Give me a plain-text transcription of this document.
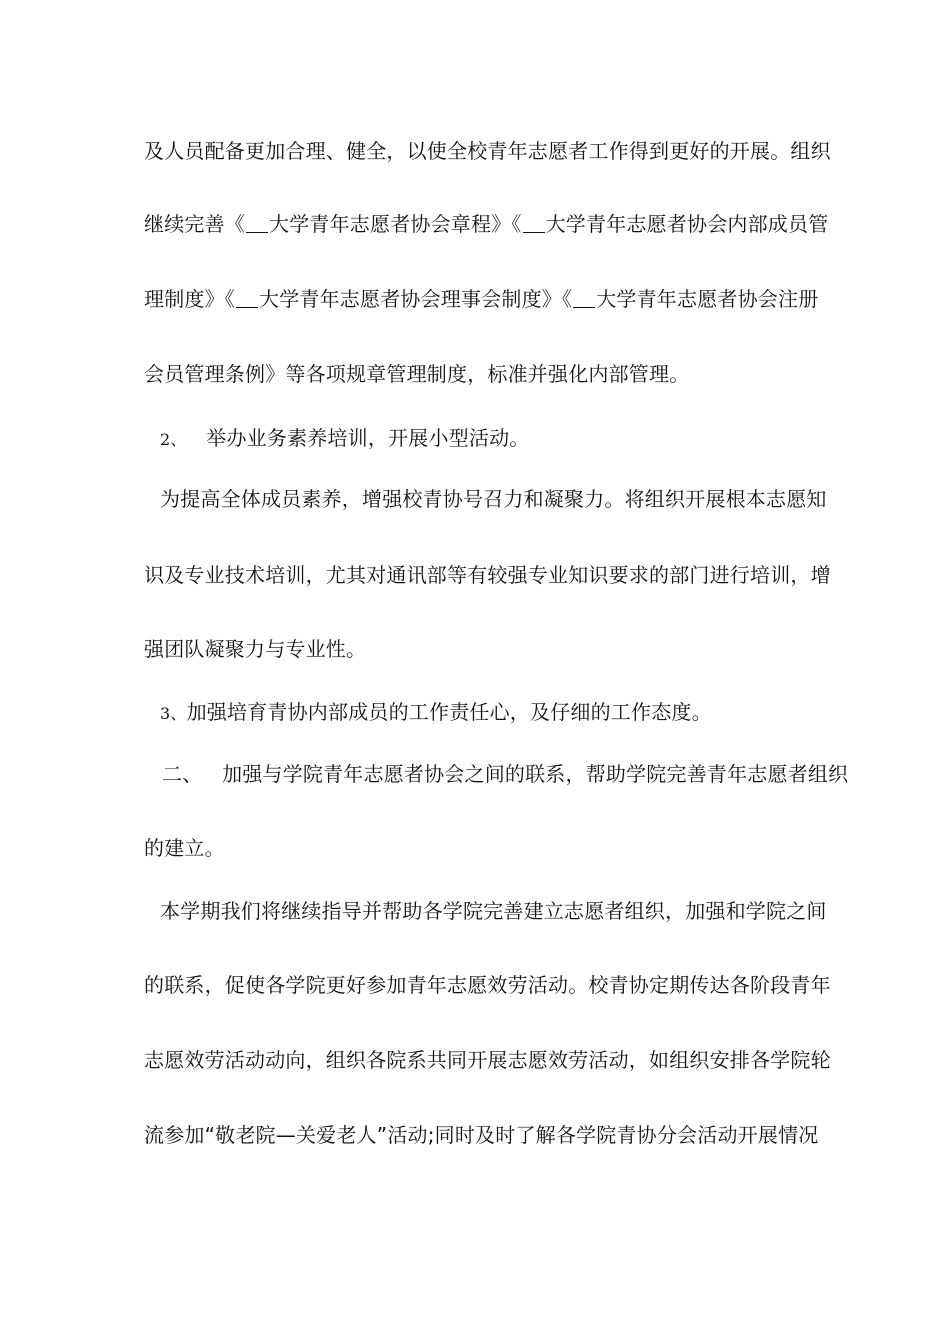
及人员配备更加合理、健全，以使全校青年志愿者工作得到更好的开展。组织
继续完善《 大学青年志愿者协会章程》《 大学青年志愿者协会内部成员管
理制度》《 大学青年志愿者协会理事会制度》《 大学青年志愿者协会注册
会员管理条例》等各项规章管理制度，标准并强化内部管理。
2、 举办业务素养培训，开展小型活动。
为提高全体成员素养，增强校青协号召力和凝聚力。将组织开展根本志愿知
识及专业技术培训，尤其对通讯部等有较强专业知识要求的部门进行培训，增
强团队凝聚力与专业性。
3、加强培育青协内部成员的工作责任心，及仔细的工作态度。
二、 加强与学院青年志愿者协会之间的联系，帮助学院完善青年志愿者组织
的建立。
本学期我们将继续指导并帮助各学院完善建立志愿者组织，加强和学院之间
的联系，促使各学院更好参加青年志愿效劳活动。校青协定期传达各阶段青年
志愿效劳活动动向，组织各院系共同开展志愿效劳活动，如组织安排各学院轮
流参加“敬老院—关爱老人”活动;同时及时了解各学院青协分会活动开展情况
